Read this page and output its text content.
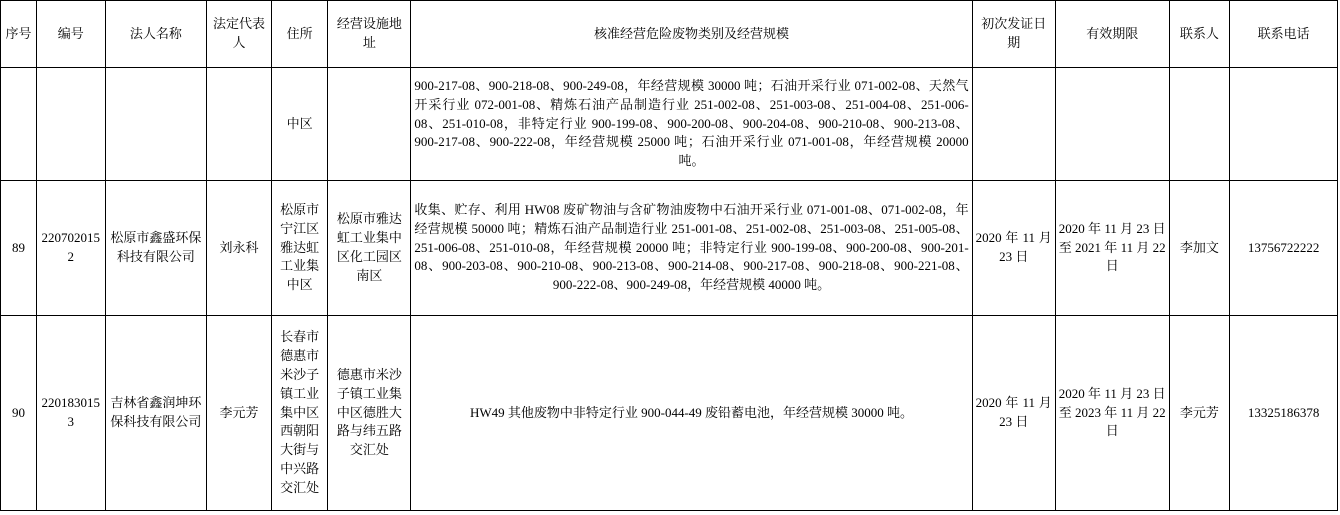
序号	编号	法人名称	法定代表人	住所	经营设施地址	核准经营危险废物类别及经营规模	初次发证日期	有效期限	联系人	联系电话
				中区		900-217-08、900-218-08、900-249-08，年经营规模 30000 吨；石油开采行业 071-002-08、天然气开采行业 072-001-08、精炼石油产品制造行业 251-002-08、251-003-08、251-004-08、251-006-08、251-010-08，非特定行业 900-199-08、900-200-08、900-204-08、900-210-08、900-213-08、900-217-08、900-222-08，年经营规模 25000 吨；石油开采行业 071-001-08，年经营规模 20000 吨。				
89	2207020152	松原市鑫盛环保科技有限公司	刘永科	松原市宁江区雅达虹工业集中区	松原市雅达虹工业集中区化工园区南区	收集、贮存、利用 HW08 废矿物油与含矿物油废物中石油开采行业 071-001-08、071-002-08，年经营规模 50000 吨；精炼石油产品制造行业 251-001-08、251-002-08、251-003-08、251-005-08、251-006-08、251-010-08，年经营规模 20000 吨；非特定行业 900-199-08、900-200-08、900-201-08、900-203-08、900-210-08、900-213-08、900-214-08、900-217-08、900-218-08、900-221-08、900-222-08、900-249-08，年经营规模 40000 吨。	2020 年 11 月 23 日	2020 年 11 月 23 日至 2021 年 11 月 22 日	李加文	13756722222
90	2201830153	吉林省鑫润坤环保科技有限公司	李元芳	长春市德惠市米沙子镇工业集中区西朝阳大街与中兴路交汇处	德惠市米沙子镇工业集中区德胜大路与纬五路交汇处	HW49 其他废物中非特定行业 900-044-49 废铅蓄电池，年经营规模 30000 吨。	2020 年 11 月 23 日	2020 年 11 月 23 日至 2023 年 11 月 22 日	李元芳	13325186378
